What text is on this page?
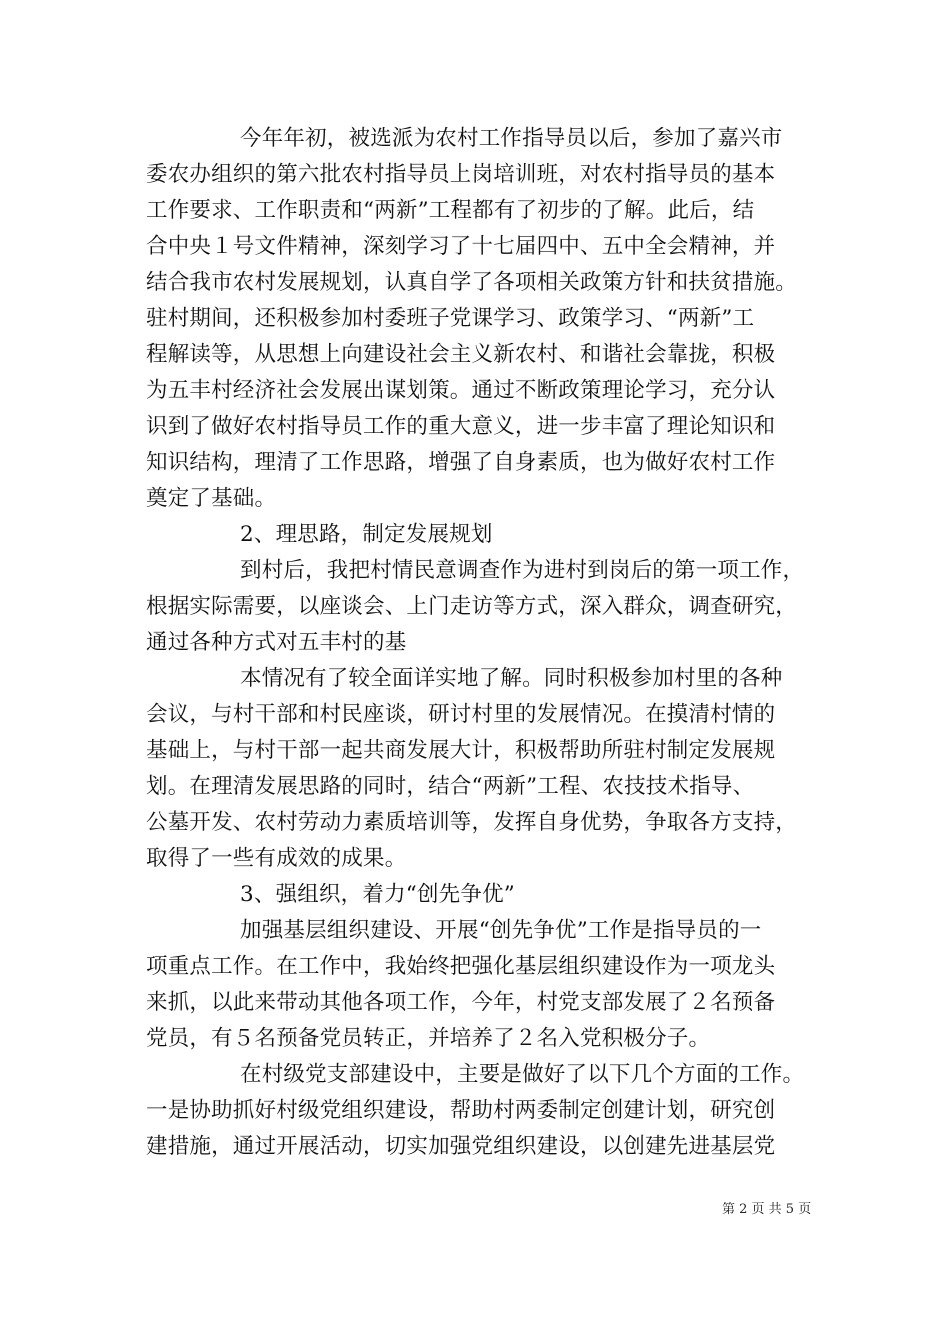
今年年初，被选派为农村工作指导员以后，参加了嘉兴市
委农办组织的第六批农村指导员上岗培训班，对农村指导员的基本
工作要求、工作职责和“两新”工程都有了初步的了解。此后，结
合中央１号文件精神，深刻学习了十七届四中、五中全会精神，并
结合我市农村发展规划，认真自学了各项相关政策方针和扶贫措施。
驻村期间，还积极参加村委班子党课学习、政策学习、“两新”工
程解读等，从思想上向建设社会主义新农村、和谐社会靠拢，积极
为五丰村经济社会发展出谋划策。通过不断政策理论学习，充分认
识到了做好农村指导员工作的重大意义，进一步丰富了理论知识和
知识结构，理清了工作思路，增强了自身素质，也为做好农村工作
奠定了基础。
2、理思路，制定发展规划
到村后，我把村情民意调查作为进村到岗后的第一项工作，
根据实际需要，以座谈会、上门走访等方式，深入群众，调查研究，
通过各种方式对五丰村的基
本情况有了较全面详实地了解。同时积极参加村里的各种
会议，与村干部和村民座谈，研讨村里的发展情况。在摸清村情的
基础上，与村干部一起共商发展大计，积极帮助所驻村制定发展规
划。在理清发展思路的同时，结合“两新”工程、农技技术指导、
公墓开发、农村劳动力素质培训等，发挥自身优势，争取各方支持，
取得了一些有成效的成果。
3、强组织，着力“创先争优”
加强基层组织建设、开展“创先争优”工作是指导员的一
项重点工作。在工作中，我始终把强化基层组织建设作为一项龙头
来抓，以此来带动其他各项工作，今年，村党支部发展了２名预备
党员，有５名预备党员转正，并培养了２名入党积极分子。
在村级党支部建设中，主要是做好了以下几个方面的工作。
一是协助抓好村级党组织建设，帮助村两委制定创建计划，研究创
建措施，通过开展活动，切实加强党组织建设，以创建先进基层党
第 2 页 共 5 页
